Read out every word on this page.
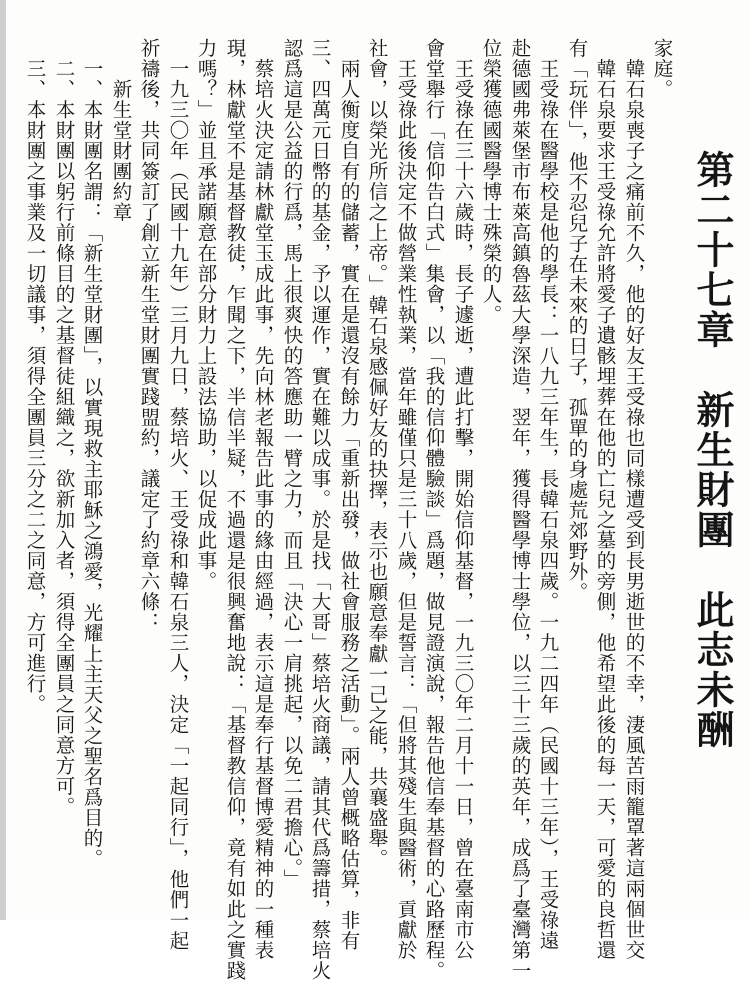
第二十七章　新生財團　此志未酬
家庭。
　韓石泉喪子之痛前不久，他的好友王受祿也同樣遭受到長男逝世的不幸，淒風苦雨籠罩著這兩個世交
　韓石泉要求王受祿允許將愛子遺骸埋葬在他的亡兒之墓的旁側，他希望此後的每一天，可愛的良哲還
有「玩伴」，他不忍兒子在未來的日子，孤單的身處荒郊野外。
　王受祿在醫學校是他的學長：一八九三年生，長韓石泉四歲。一九二四年（民國十三年），王受祿遠
赴德國弗萊堡市布萊高鎮魯茲大學深造，翌年，獲得醫學博士學位，以三十三歲的英年，成爲了臺灣第一
位榮獲德國醫學博士殊榮的人。
　王受祿在三十六歲時，長子遽逝，遭此打擊，開始信仰基督，一九三〇年二月十一日，曾在臺南市公
會堂舉行「信仰告白式」集會，以「我的信仰體驗談」爲題，做見證演說，報告他信奉基督的心路歷程。
　王受祿此後決定不做營業性執業，當年雖僅只是三十八歲，但是誓言：「但將其殘生與醫術，貢獻於
社會，以榮光所信之上帝。」韓石泉感佩好友的抉擇，表示也願意奉獻一己之能，共襄盛舉。
　兩人衡度自有的儲蓄，實在是還沒有餘力「重新出發，做社會服務之活動」。兩人曾概略估算，非有
三、四萬元日幣的基金，予以運作，實在難以成事。於是找「大哥」蔡培火商議，請其代爲籌措，蔡培火
認爲這是公益的行爲，馬上很爽快的答應助一臂之力，而且「決心一肩挑起，以免二君擔心。」
　蔡培火決定請林獻堂玉成此事，先向林老報告此事的緣由經過，表示這是奉行基督博愛精神的一種表
現，林獻堂不是基督教徒，乍聞之下，半信半疑，不過還是很興奮地說：「基督教信仰，竟有如此之實踐
力嗎？」並且承諾願意在部分財力上設法協助，以促成此事。
　一九三〇年（民國十九年）三月九日，蔡培火、王受祿和韓石泉三人，決定「一起同行」，他們一起
祈禱後，共同簽訂了創立新生堂財團實踐盟約，議定了約章六條：
　　新生堂財團約章
　一、本財團名謂：「新生堂財團」，以實現救主耶穌之鴻愛，光耀上主天父之聖名爲目的。
　二、本財團以躬行前條目的之基督徒組織之，欲新加入者，須得全團員之同意方可。
　三、本財團之事業及一切議事，須得全團員三分之二之同意，方可進行。
